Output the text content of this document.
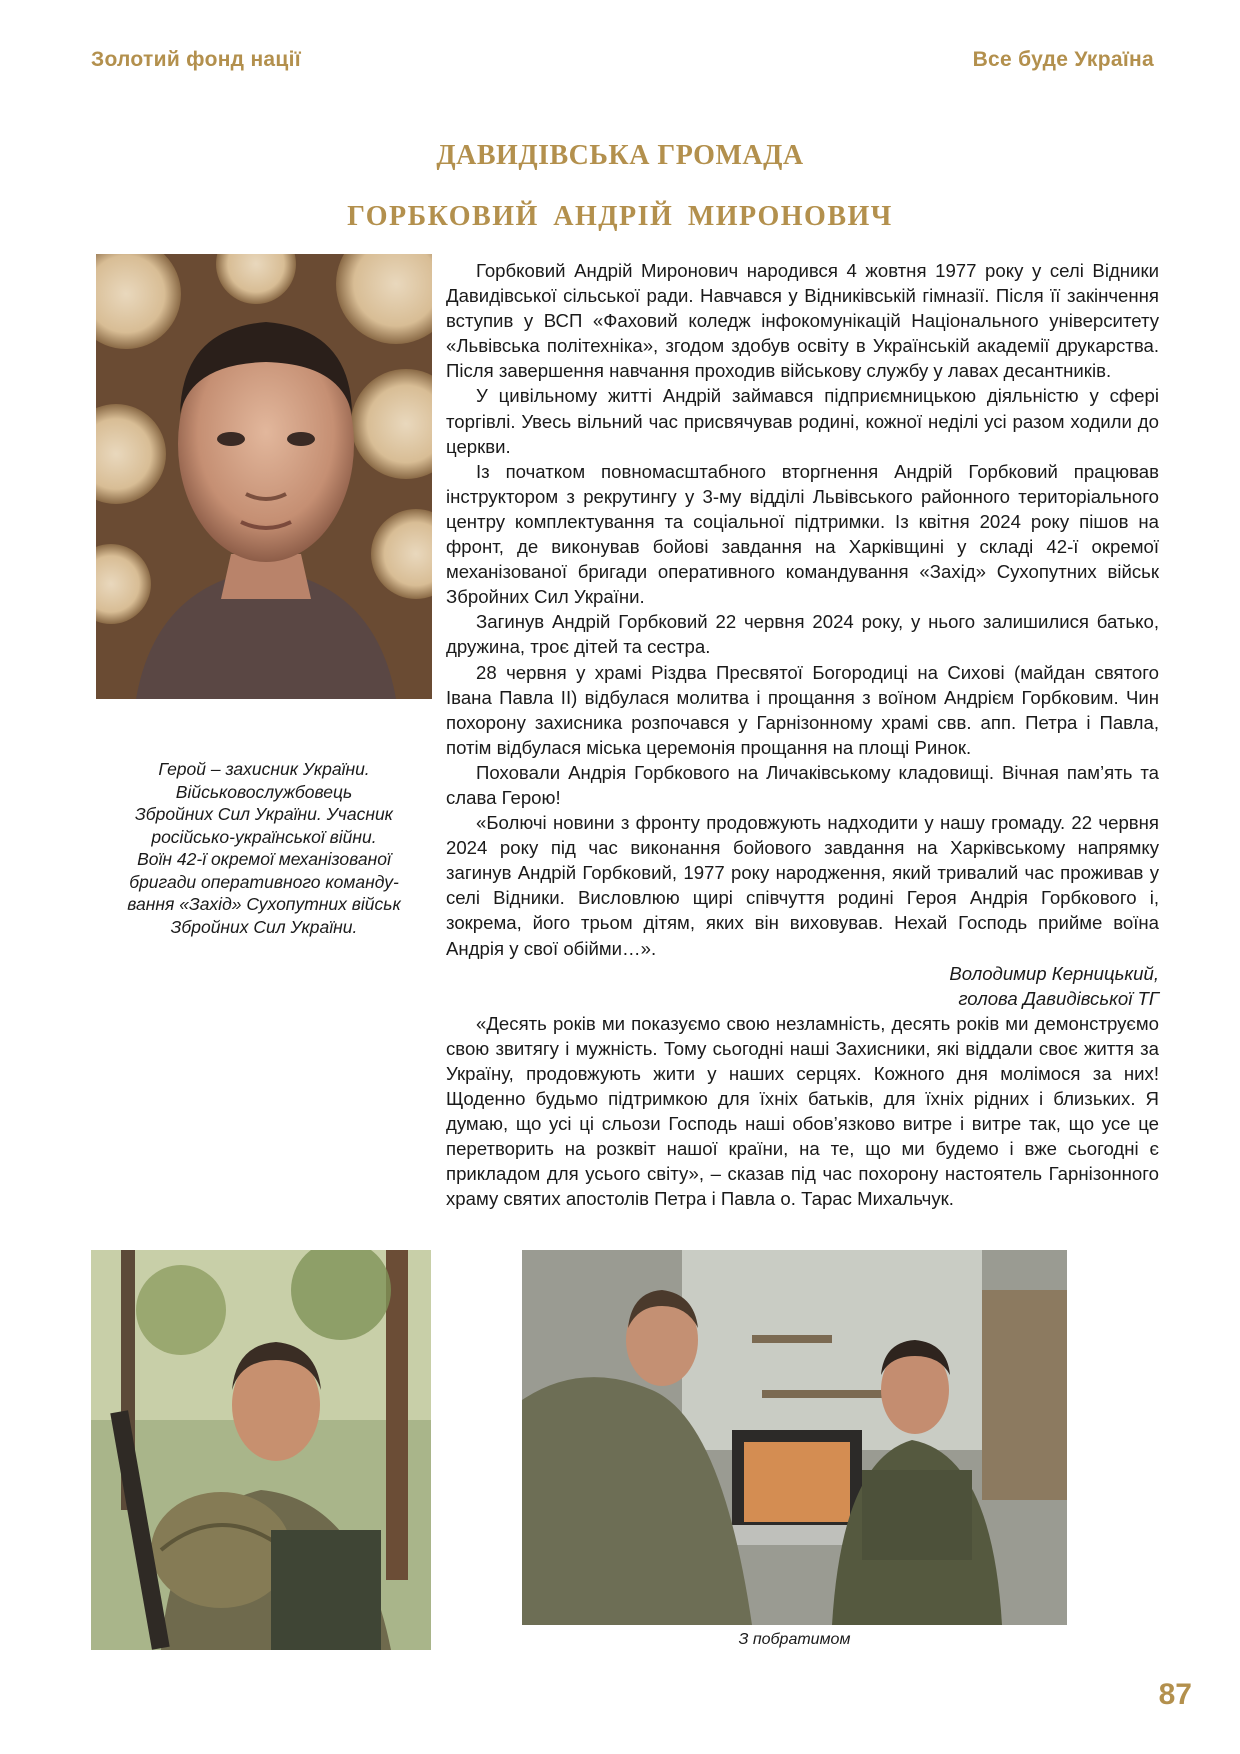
Золотий фонд нації	Все буде Україна
ДАВИДІВСЬКА ГРОМАДА
ГОРБКОВИЙ АНДРІЙ МИРОНОВИЧ
Герой – захисник України.
Військовослужбовець
Збройних Сил України. Учасник
російсько-української війни.
Воїн 42-ї окремої механізованої
бригади оперативного команду-
вання «Захід» Сухопутних військ
Збройних Сил України.

Горбковий Андрій Миронович народився 4 жовтня 1977 року у селі Відники Давидівської сільської ради. Навчався у Відниківській гімназії. Після її закінчення вступив у ВСП «Фаховий коледж інфокомунікацій Національного університету «Львівська політехніка», згодом здобув освіту в Українській академії друкарства. Після завершення навчання проходив військову службу у лавах десантників.

У цивільному житті Андрій займався підприємницькою діяльністю у сфері торгівлі. Увесь вільний час присвячував родині, кожної неділі усі разом ходили до церкви.

Із початком повномасштабного вторгнення Андрій Горбковий працював інструктором з рекрутингу у 3-му відділі Львівського районного територіального центру комплектування та соціальної підтримки. Із квітня 2024 року пішов на фронт, де виконував бойові завдання на Харківщині у складі 42-ї окремої механізованої бригади оперативного командування «Захід» Сухопутних військ Збройних Сил України.

Загинув Андрій Горбковий 22 червня 2024 року, у нього залишилися батько, дружина, троє дітей та сестра.

28 червня у храмі Різдва Пресвятої Богородиці на Сихові (майдан святого Івана Павла ІІ) відбулася молитва і прощання з воїном Андрієм Горбковим. Чин похорону захисника розпочався у Гарнізонному храмі свв. апп. Петра і Павла, потім відбулася міська церемонія прощання на площі Ринок.

Поховали Андрія Горбкового на Личаківському кладовищі. Вічная пам’ять та слава Герою!

«Болючі новини з фронту продовжують надходити у нашу громаду. 22 червня 2024 року під час виконання бойового завдання на Харківському напрямку загинув Андрій Горбковий, 1977 року народження, який тривалий час проживав у селі Відники. Висловлюю щирі співчуття родині Героя Андрія Горбкового і, зокрема, його трьом дітям, яких він виховував. Нехай Господь прийме воїна Андрія у свої обійми…».

Володимир Керницький,

голова Давидівської ТГ

«Десять років ми показуємо свою незламність, десять років ми демонструємо свою звитягу і мужність. Тому сьогодні наші Захисники, які віддали своє життя за Україну, продовжують жити у наших серцях. Кожного дня молімося за них! Щоденно будьмо підтримкою для їхніх батьків, для їхніх рідних і близьких. Я думаю, що усі ці сльози Господь наші обов’язково витре і витре так, що усе це перетворить на розквіт нашої країни, на те, що ми будемо і вже сьогодні є прикладом для усього світу», – сказав під час похорону настоятель Гарнізонного храму святих апостолів Петра і Павла о. Тарас Михальчук.

З побратимом
87
